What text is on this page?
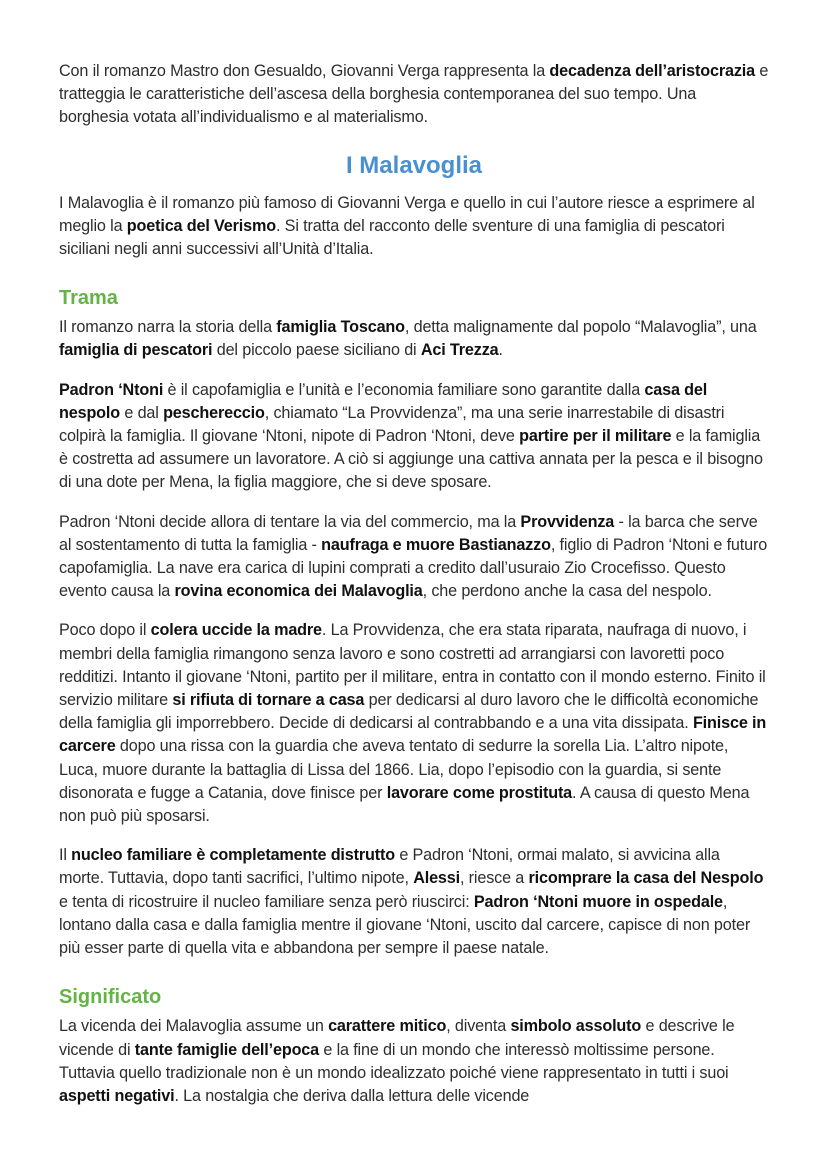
Con il romanzo Mastro don Gesualdo, Giovanni Verga rappresenta la decadenza dell’aristocrazia e tratteggia le caratteristiche dell’ascesa della borghesia contemporanea del suo tempo. Una borghesia votata all’individualismo e al materialismo.

I Malavoglia

I Malavoglia è il romanzo più famoso di Giovanni Verga e quello in cui l’autore riesce a esprimere al meglio la poetica del Verismo. Si tratta del racconto delle sventure di una famiglia di pescatori siciliani negli anni successivi all’Unità d’Italia.

Trama

Il romanzo narra la storia della famiglia Toscano, detta malignamente dal popolo “Malavoglia”, una famiglia di pescatori del piccolo paese siciliano di Aci Trezza.

Padron ‘Ntoni è il capofamiglia e l’unità e l’economia familiare sono garantite dalla casa del nespolo e dal peschereccio, chiamato “La Provvidenza”, ma una serie inarrestabile di disastri colpirà la famiglia. Il giovane ‘Ntoni, nipote di Padron ‘Ntoni, deve partire per il militare e la famiglia è costretta ad assumere un lavoratore. A ciò si aggiunge una cattiva annata per la pesca e il bisogno di una dote per Mena, la figlia maggiore, che si deve sposare.

Padron ‘Ntoni decide allora di tentare la via del commercio, ma la Provvidenza - la barca che serve al sostentamento di tutta la famiglia - naufraga e muore Bastianazzo, figlio di Padron ‘Ntoni e futuro capofamiglia. La nave era carica di lupini comprati a credito dall’usuraio Zio Crocefisso. Questo evento causa la rovina economica dei Malavoglia, che perdono anche la casa del nespolo.

Poco dopo il colera uccide la madre. La Provvidenza, che era stata riparata, naufraga di nuovo, i membri della famiglia rimangono senza lavoro e sono costretti ad arrangiarsi con lavoretti poco redditizi. Intanto il giovane ‘Ntoni, partito per il militare, entra in contatto con il mondo esterno. Finito il servizio militare si rifiuta di tornare a casa per dedicarsi al duro lavoro che le difficoltà economiche della famiglia gli imporrebbero. Decide di dedicarsi al contrabbando e a una vita dissipata. Finisce in carcere dopo una rissa con la guardia che aveva tentato di sedurre la sorella Lia. L’altro nipote, Luca, muore durante la battaglia di Lissa del 1866. Lia, dopo l’episodio con la guardia, si sente disonorata e fugge a Catania, dove finisce per lavorare come prostituta. A causa di questo Mena non può più sposarsi.

Il nucleo familiare è completamente distrutto e Padron ‘Ntoni, ormai malato, si avvicina alla morte. Tuttavia, dopo tanti sacrifici, l’ultimo nipote, Alessi, riesce a ricomprare la casa del Nespolo e tenta di ricostruire il nucleo familiare senza però riuscirci: Padron ‘Ntoni muore in ospedale, lontano dalla casa e dalla famiglia mentre il giovane ‘Ntoni, uscito dal carcere, capisce di non poter più esser parte di quella vita e abbandona per sempre il paese natale.

Significato

La vicenda dei Malavoglia assume un carattere mitico, diventa simbolo assoluto e descrive le vicende di tante famiglie dell’epoca e la fine di un mondo che interessò moltissime persone. Tuttavia quello tradizionale non è un mondo idealizzato poiché viene rappresentato in tutti i suoi aspetti negativi. La nostalgia che deriva dalla lettura delle vicende
